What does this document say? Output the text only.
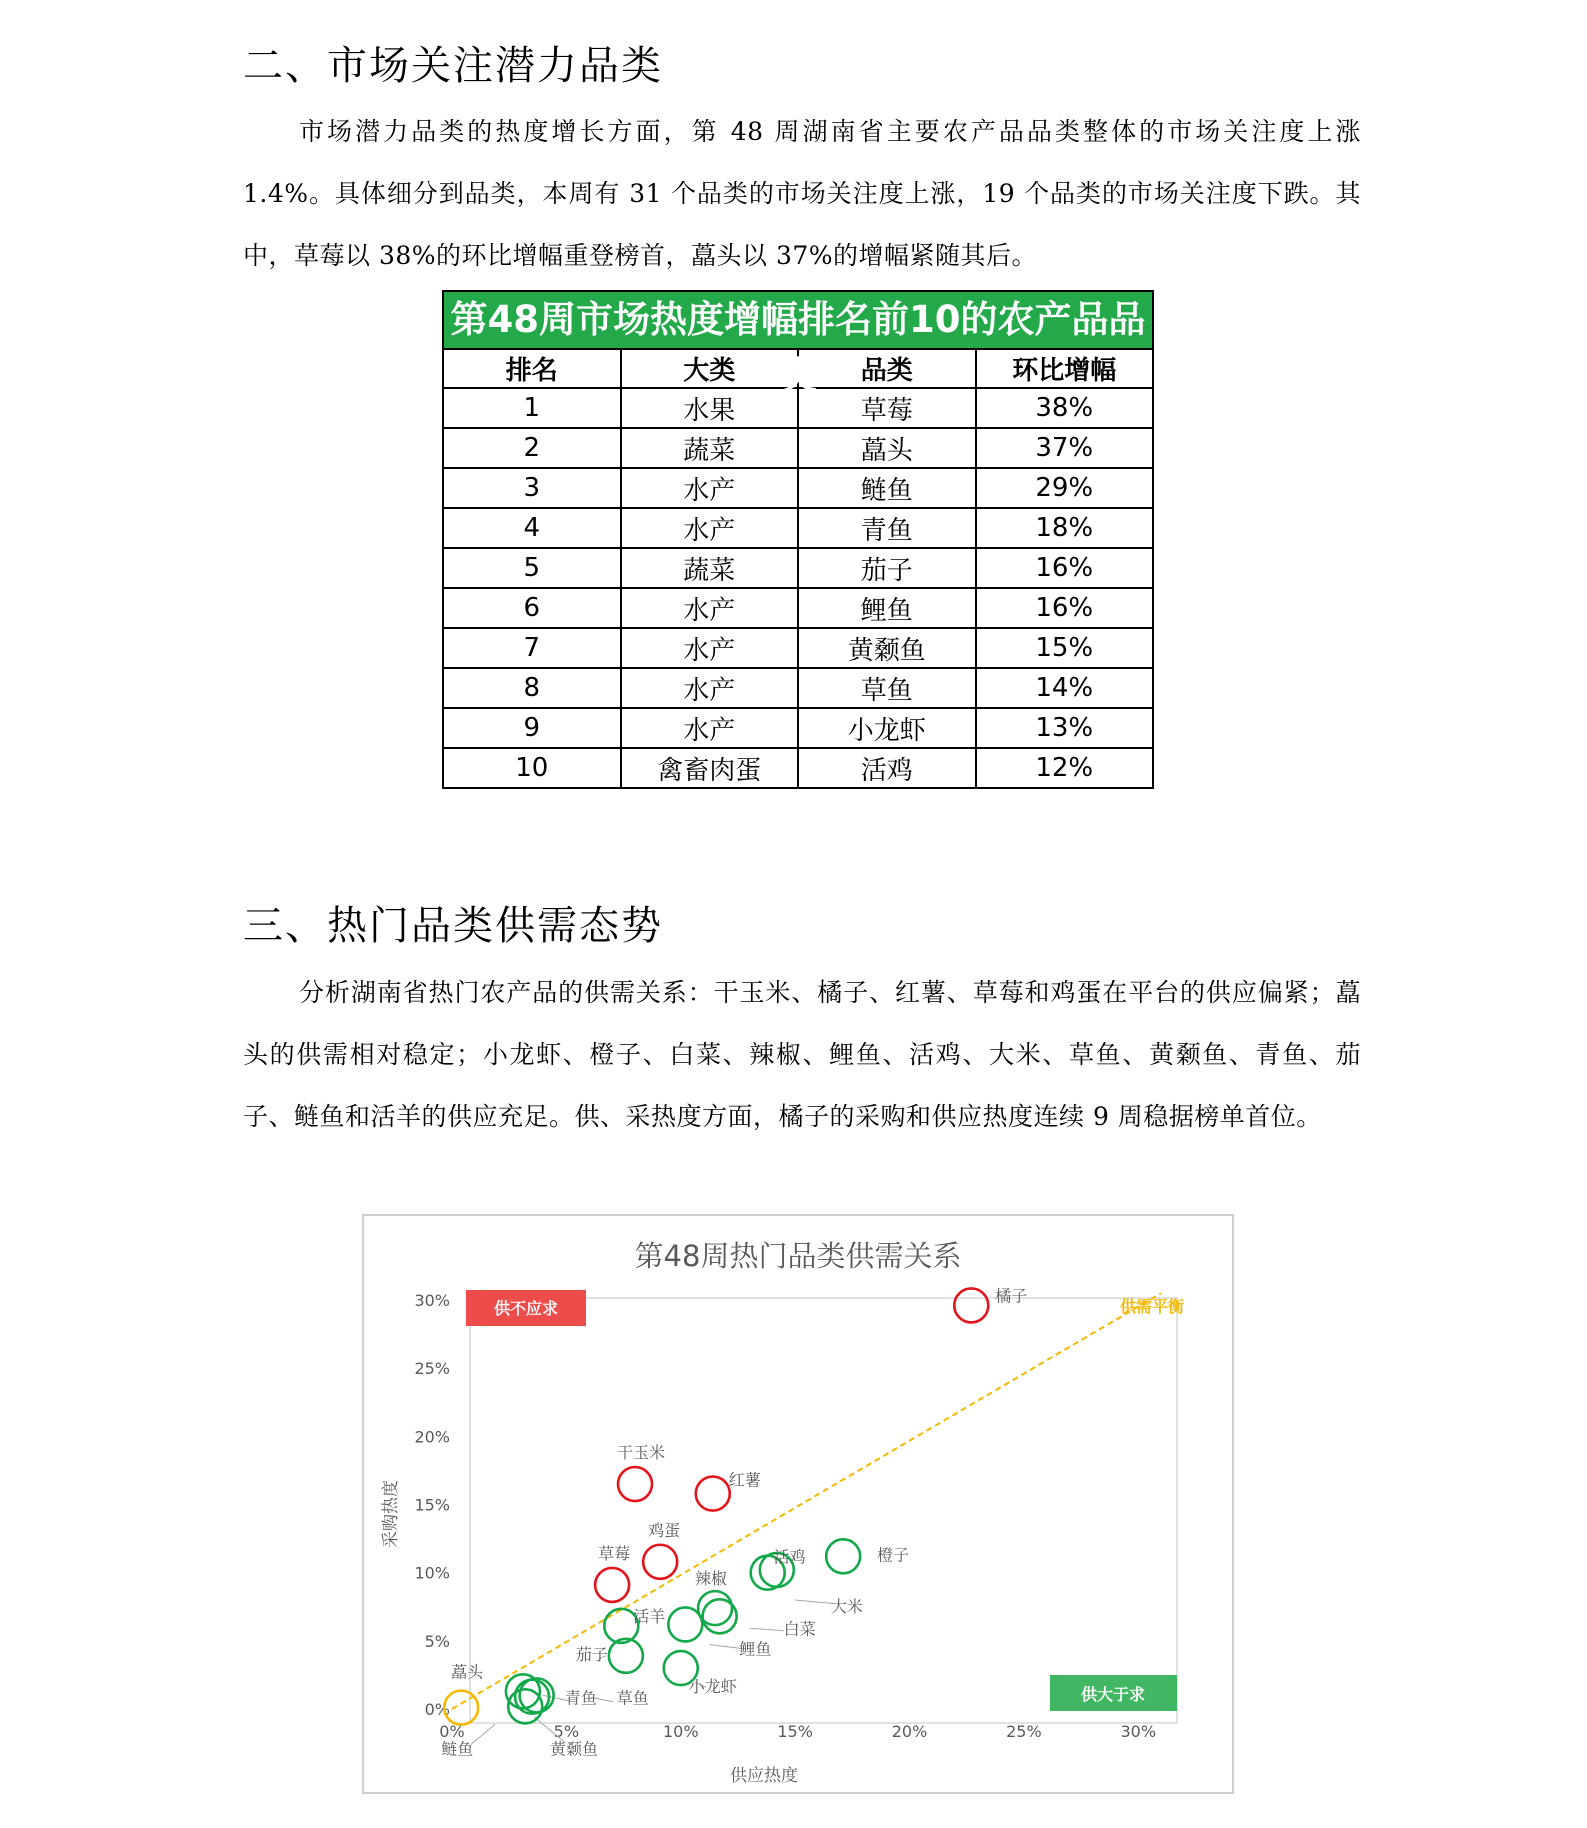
二、市场关注潜力品类

市场潜力品类的热度增长方面，第 48 周湖南省主要农产品品类整体的市场关注度上涨 1.4%。具体细分到品类，本周有 31 个品类的市场关注度上涨，19 个品类的市场关注度下跌。其中，草莓以 38%的环比增幅重登榜首，藠头以 37%的增幅紧随其后。

第48周市场热度增幅排名前10的农产品品类
排名	大类	品类	环比增幅
1	水果	草莓	38%
2	蔬菜	藠头	37%
3	水产	鲢鱼	29%
4	水产	青鱼	18%
5	蔬菜	茄子	16%
6	水产	鲤鱼	16%
7	水产	黄颡鱼	15%
8	水产	草鱼	14%
9	水产	小龙虾	13%
10	禽畜肉蛋	活鸡	12%
三、热门品类供需态势

分析湖南省热门农产品的供需关系：干玉米、橘子、红薯、草莓和鸡蛋在平台的供应偏紧；藠头的供需相对稳定；小龙虾、橙子、白菜、辣椒、鲤鱼、活鸡、大米、草鱼、黄颡鱼、青鱼、茄子、鲢鱼和活羊的供应充足。供、采热度方面，橘子的采购和供应热度连续 9 周稳据榜单首位。

第48周热门品类供需关系
0%
5%
10%
15%
20%
25%
30%
0%	5%	10%	15%	20%	25%	30%
供应热度
采购热度
供不应求
供大于求
供需平衡
橘子
干玉米
红薯
鸡蛋
草莓
藠头
橙子
活鸡
大米
辣椒
白菜
鲤鱼
活羊
茄子
小龙虾
青鱼 草鱼
鲢鱼	黄颡鱼
